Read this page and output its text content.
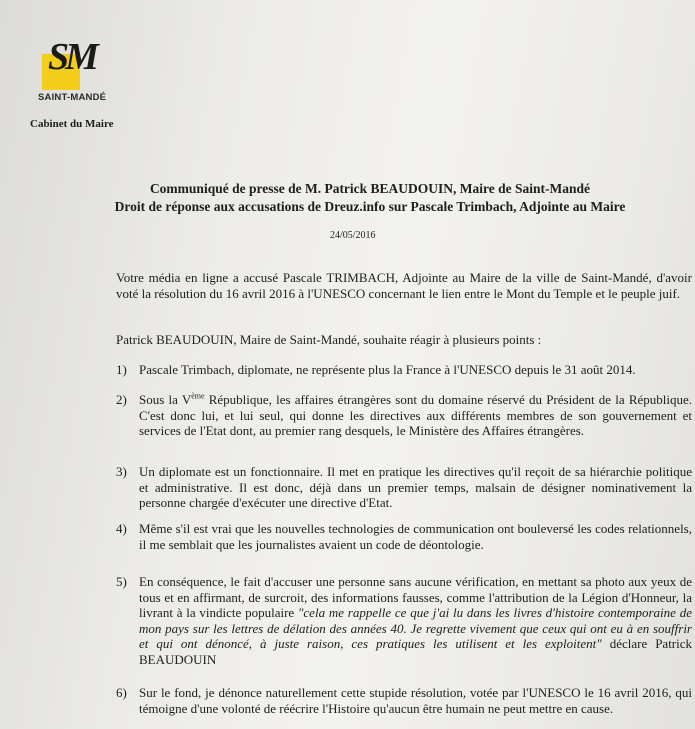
SM
SAINT-MANDÉ
Cabinet du Maire
Communiqué de presse de M. Patrick BEAUDOUIN, Maire de Saint-Mandé
Droit de réponse aux accusations de Dreuz.info sur Pascale Trimbach, Adjointe au Maire
24/05/2016
Votre média en ligne a accusé Pascale TRIMBACH, Adjointe au Maire de la ville de Saint-Mandé, d'avoir voté la résolution du 16 avril 2016 à l'UNESCO concernant le lien entre le Mont du Temple et le peuple juif.
Patrick BEAUDOUIN, Maire de Saint-Mandé, souhaite réagir à plusieurs points :
1) Pascale Trimbach, diplomate, ne représente plus la France à l'UNESCO depuis le 31 août 2014.
2) Sous la Vème République, les affaires étrangères sont du domaine réservé du Président de la République. C'est donc lui, et lui seul, qui donne les directives aux différents membres de son gouvernement et services de l'Etat dont, au premier rang desquels, le Ministère des Affaires étrangères.
3) Un diplomate est un fonctionnaire. Il met en pratique les directives qu'il reçoit de sa hiérarchie politique et administrative. Il est donc, déjà dans un premier temps, malsain de désigner nominativement la personne chargée d'exécuter une directive d'Etat.
4) Même s'il est vrai que les nouvelles technologies de communication ont bouleversé les codes relationnels, il me semblait que les journalistes avaient un code de déontologie.
5) En conséquence, le fait d'accuser une personne sans aucune vérification, en mettant sa photo aux yeux de tous et en affirmant, de surcroit, des informations fausses, comme l'attribution de la Légion d'Honneur, la livrant à la vindicte populaire "cela me rappelle ce que j'ai lu dans les livres d'histoire contemporaine de mon pays sur les lettres de délation des années 40. Je regrette vivement que ceux qui ont eu à en souffrir et qui ont dénoncé, à juste raison, ces pratiques les utilisent et les exploitent" déclare Patrick BEAUDOUIN
6) Sur le fond, je dénonce naturellement cette stupide résolution, votée par l'UNESCO le 16 avril 2016, qui témoigne d'une volonté de réécrire l'Histoire qu'aucun être humain ne peut mettre en cause.
